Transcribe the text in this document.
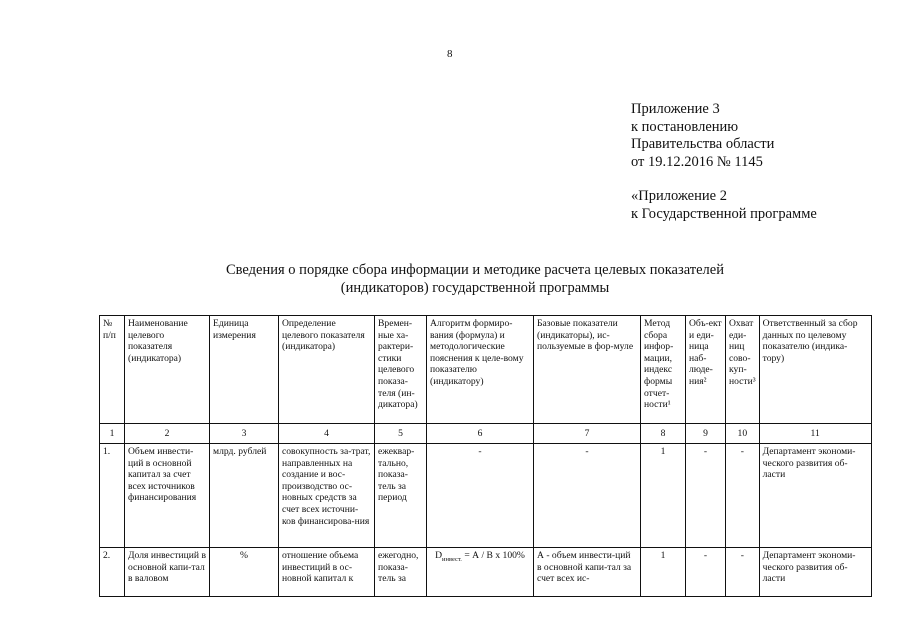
8
Приложение 3
к постановлению
Правительства области
от 19.12.2016 № 1145
«Приложение 2
к Государственной программе
Сведения о порядке сбора информации и методике расчета целевых показателей
(индикаторов) государственной программы
№ п/п	Наименование целевого показателя (индикатора)	Единица измерения	Определение целевого показателя (индикатора)	Времен-ные ха-рактери-стики целевого показа-теля (ин-дикатора)	Алгоритм формиро-вания (формула) и методологические пояснения к целе-вому показателю (индикатору)	Базовые показатели (индикаторы), ис-пользуемые в фор-муле	Метод сбора инфор-мации, индекс формы отчет-ности¹	Объ-ект и еди-ница наб-люде-ния²	Охват еди-ниц сово-куп-ности³	Ответственный за сбор данных по целевому показателю (индика-тору)
1	2	3	4	5	6	7	8	9	10	11
1.	Объем инвести-ций в основной капитал за счет всех источников финансирования	млрд. рублей	совокупность за-трат, направленных на создание и вос-производство ос-новных средств за счет всех источни-ков финансирова-ния	ежеквар-тально, показа-тель за период	-	-	1	-	-	Департамент экономи-ческого развития об-ласти
2.	Доля инвестиций в основной капи-тал в валовом	%	отношение объема инвестиций в ос-новной капитал к	ежегодно, показа-тель за	$D_{инвест.} = А / В$ х 100%	А - объем инвести-ций в основной капи-тал за счет всех ис-	1	-	-	Департамент экономи-ческого развития об-ласти
